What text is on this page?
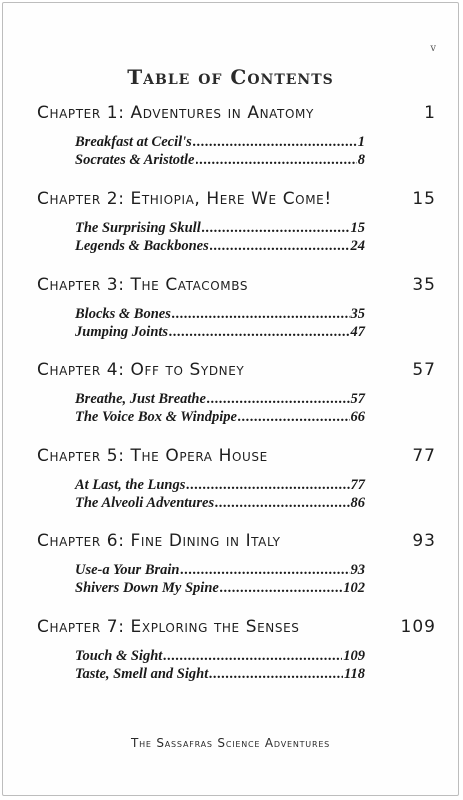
v
Table of Contents
Chapter 1: Adventures in Anatomy	1
Breakfast at Cecil's .....	1
Socrates & Aristotle .....	8
Chapter 2: Ethiopia, Here We Come!	15
The Surprising Skull .....	15
Legends & Backbones .....	24
Chapter 3: The Catacombs	35
Blocks & Bones .....	35
Jumping Joints .....	47
Chapter 4: Off to Sydney	57
Breathe, Just Breathe .....	57
The Voice Box & Windpipe .....	66
Chapter 5: The Opera House	77
At Last, the Lungs .....	77
The Alveoli Adventures .....	86
Chapter 6: Fine Dining in Italy	93
Use-a Your Brain .....	93
Shivers Down My Spine .....	102
Chapter 7: Exploring the Senses	109
Touch & Sight .....	109
Taste, Smell and Sight .....	118
The Sassafras Science Adventures
